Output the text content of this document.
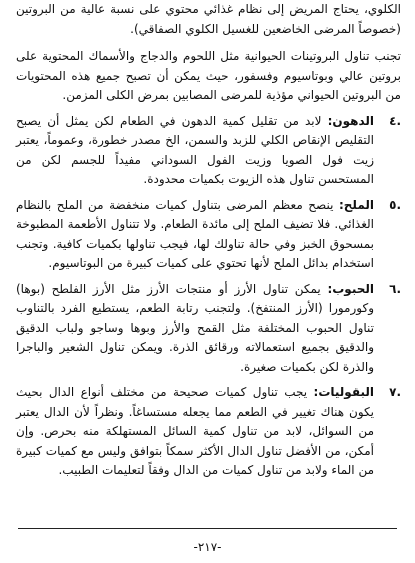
الكلوي، يحتاج المريض إلى نظام غذائي محتوي على نسبة عالية من البروتين (خصوصاً المرضى الخاضعين للغسيل الكلوي الصفاقي).
تجنب تناول البروتينات الحيوانية مثل اللحوم والدجاج والأسماك المحتوية على بروتين عالي وبوتاسيوم وفسفور، حيث يمكن أن تصبح جميع هذه المحتويات من البروتين الحيواني مؤذية للمرضى المصابين بمرض الكلى المزمن.
.٤
الدهون: لابد من تقليل كمية الدهون في الطعام لكن يمثل أن يصبح التقليص الإنقاص الكلي للزبد والسمن، الخ مصدر خطورة، وعموماً، يعتبر زيت فول الصويا وزيت الفول السوداني مفيداً للجسم لكن من المستحسن تناول هذه الزيوت بكميات محدودة.
.٥
الملح: ينصح معظم المرضى بتناول كميات منخفضة من الملح بالنظام الغذائي. فلا تضيف الملح إلى مائدة الطعام. ولا تتناول الأطعمة المطبوخة بمسحوق الخبز وفي حالة تناولك لها، فيجب تناولها بكميات كافية. وتجنب استخدام بدائل الملح لأنها تحتوي على كميات كبيرة من البوتاسيوم.
.٦
الحبوب: يمكن تناول الأرز أو منتجات الأرز مثل الأرز الفلطح (بوها) وكورمورا (الأرز المنتفخ). ولتجنب رتابة الطعم، يستطيع الفرد بالتناوب تناول الحبوب المختلفة مثل القمح والأرز وبوها وساجو ولباب الدقيق والدقيق بجميع استعمالاته ورقائق الذرة. ويمكن تناول الشعير والباجرا والذرة لكن بكميات صغيرة.
.٧
البقوليات: يجب تناول كميات صحيحة من مختلف أنواع الدال بحيث يكون هناك تغيير في الطعم مما يجعله مستساغاً. ونظراً لأن الدال يعتبر من السوائل، لابد من تناول كمية السائل المستهلكة منه بحرص. وإن أمكن، من الأفضل تناول الدال الأكثر سمكاً بتوافق وليس مع كميات كبيرة من الماء ولابد من تناول كميات من الدال وفقاً لتعليمات الطبيب.
-٢١٧-
